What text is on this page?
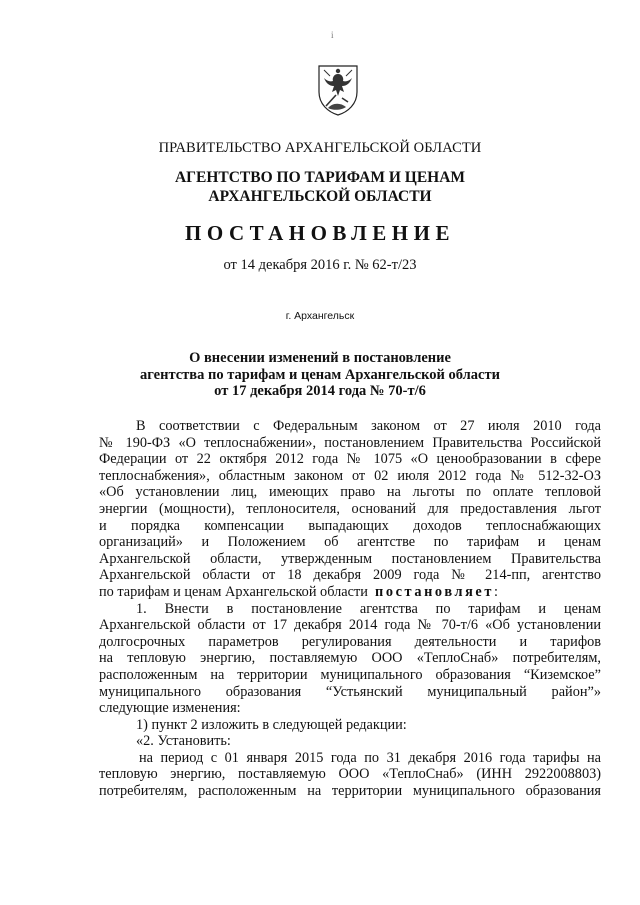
i
ПРАВИТЕЛЬСТВО АРХАНГЕЛЬСКОЙ ОБЛАСТИ
АГЕНТСТВО ПО ТАРИФАМ И ЦЕНАМ
АРХАНГЕЛЬСКОЙ ОБЛАСТИ
ПОСТАНОВЛЕНИЕ
от 14 декабря 2016 г. № 62-т/23
г. Архангельск
О внесении изменений в постановление
агентства по тарифам и ценам Архангельской области
от 17 декабря 2014 года № 70-т/6
В соответствии с Федеральным законом от 27 июля 2010 года
№ 190-ФЗ «О теплоснабжении», постановлением Правительства Российской
Федерации от 22 октября 2012 года № 1075 «О ценообразовании в сфере
теплоснабжения», областным законом от 02 июля 2012 года № 512-32-ОЗ
«Об установлении лиц, имеющих право на льготы по оплате тепловой
энергии (мощности), теплоносителя, оснований для предоставления льгот
и порядка компенсации выпадающих доходов теплоснабжающих
организаций» и Положением об агентстве по тарифам и ценам
Архангельской области, утвержденным постановлением Правительства
Архангельской области от 18 декабря 2009 года № 214-пп, агентство
по тарифам и ценам Архангельской области постановляет:
1. Внести в постановление агентства по тарифам и ценам
Архангельской области от 17 декабря 2014 года № 70-т/6 «Об установлении
долгосрочных параметров регулирования деятельности и тарифов
на тепловую энергию, поставляемую ООО «ТеплоСнаб» потребителям,
расположенным на территории муниципального образования “Киземское”
муниципального образования “Устьянский муниципальный район”»
следующие изменения:
1) пункт 2 изложить в следующей редакции:
«2. Установить:
на период с 01 января 2015 года по 31 декабря 2016 года тарифы на
тепловую энергию, поставляемую ООО «ТеплоСнаб» (ИНН 2922008803)
потребителям, расположенным на территории муниципального образования
